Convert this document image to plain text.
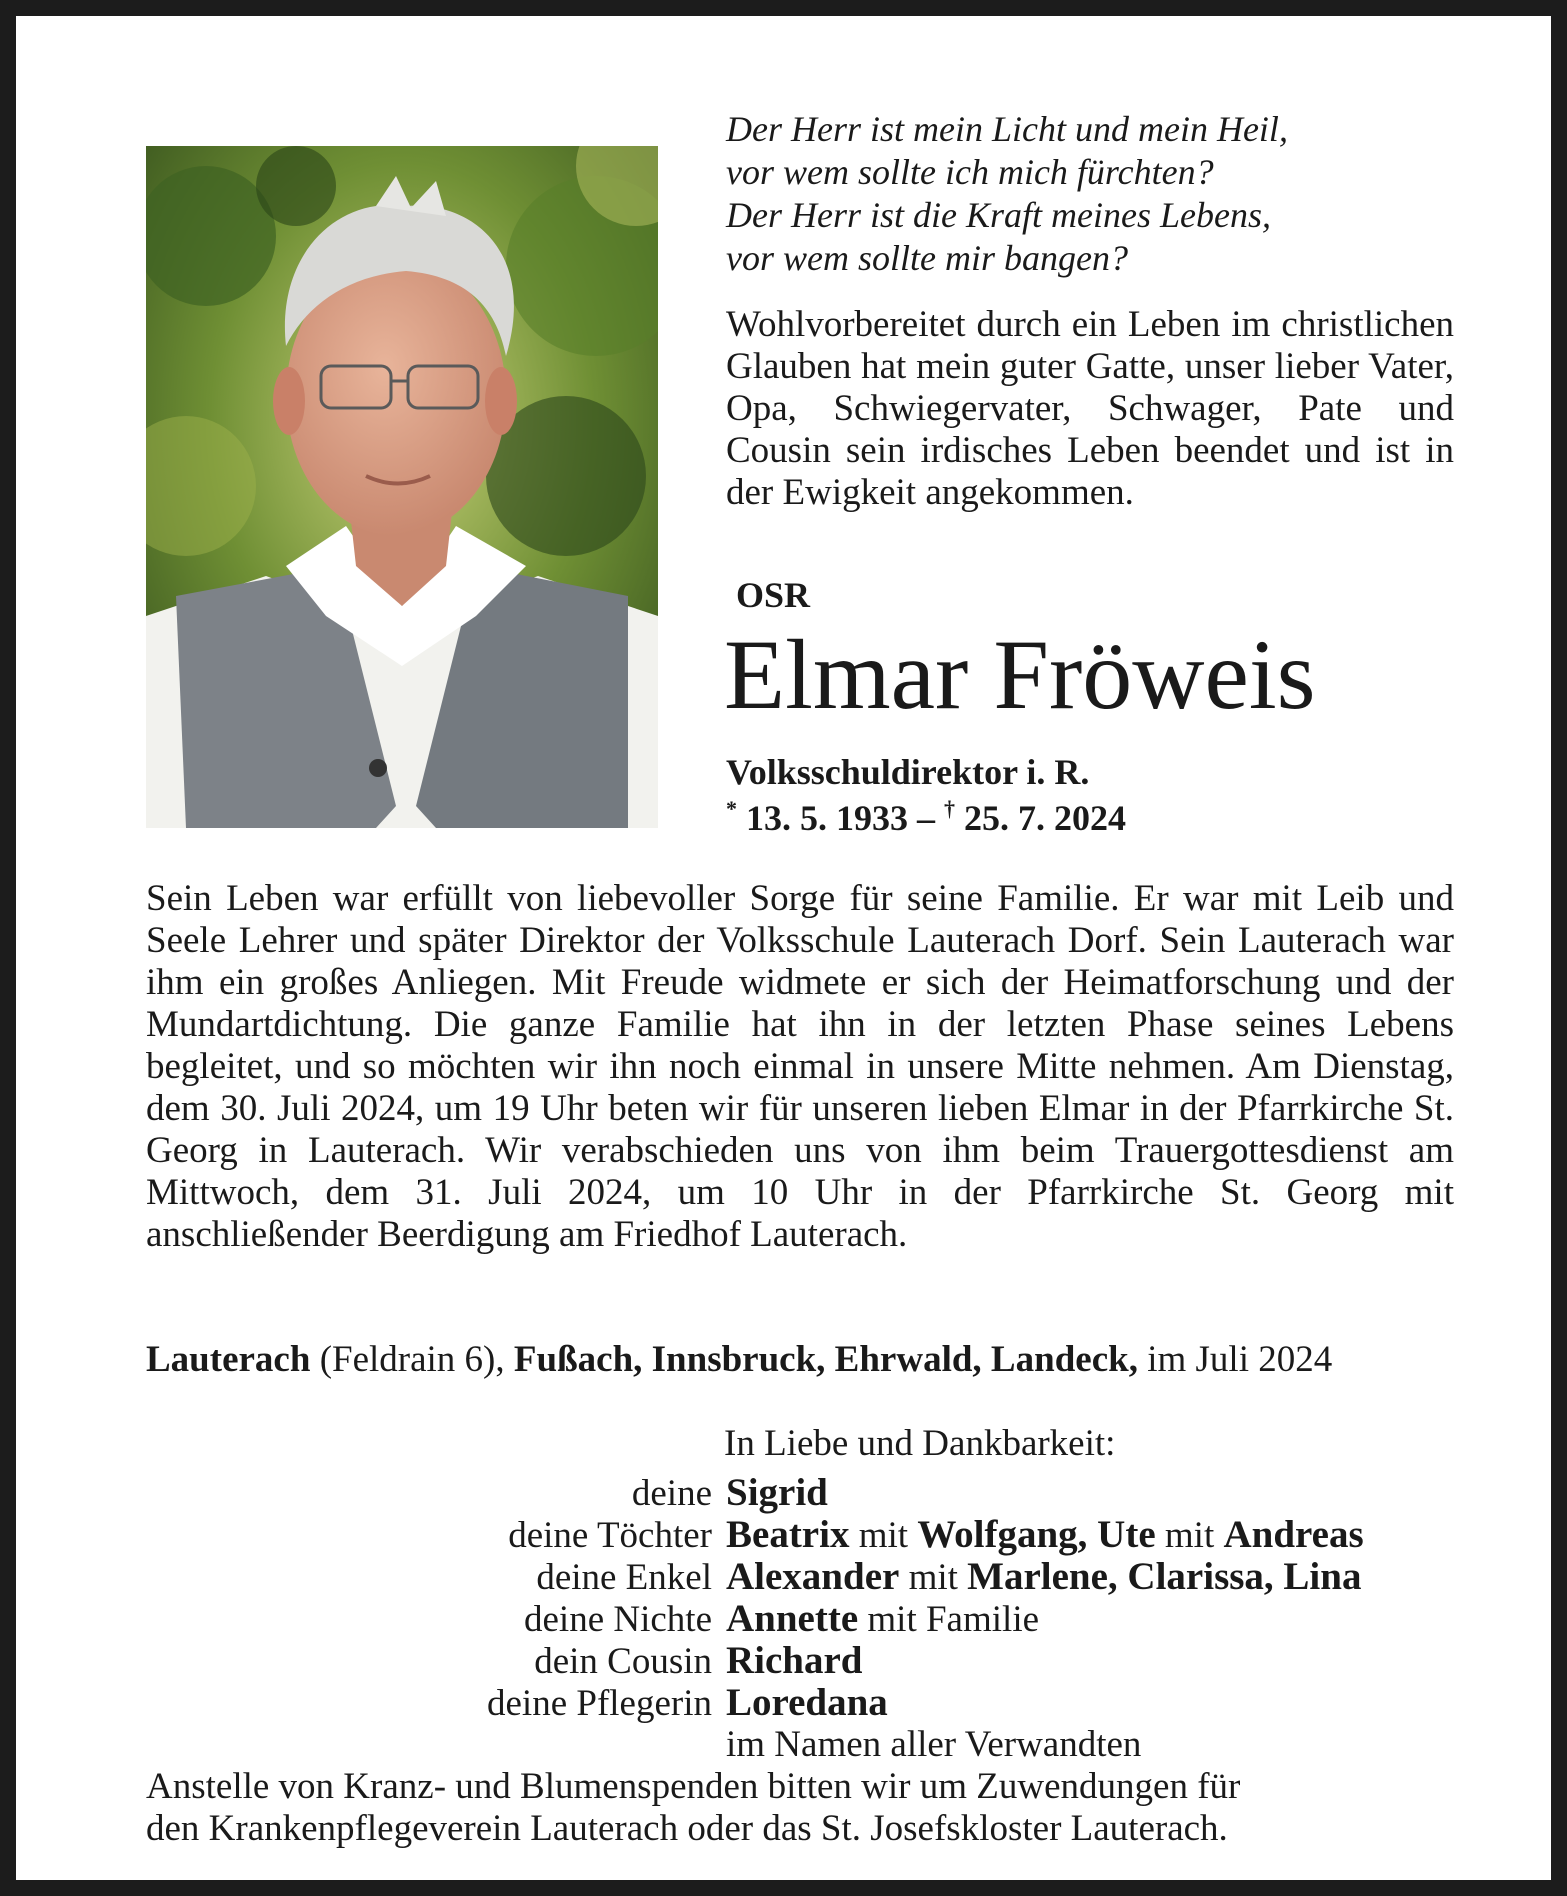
Der Herr ist mein Licht und mein Heil,
vor wem sollte ich mich fürchten?
Der Herr ist die Kraft meines Lebens,
vor wem sollte mir bangen?
Wohlvorbereitet durch ein Leben im christlichen Glauben hat mein guter Gatte, unser lieber Vater, Opa, Schwiegervater, Schwager, Pate und Cousin sein irdisches Leben beendet und ist in der Ewigkeit angekommen.
OSR
Elmar Fröweis
Volksschuldirektor i. R.
* 13. 5. 1933 – † 25. 7. 2024
Sein Leben war erfüllt von liebevoller Sorge für seine Familie. Er war mit Leib und Seele Lehrer und später Direktor der Volksschule Lauterach Dorf. Sein Lauterach war ihm ein großes Anliegen. Mit Freude widmete er sich der Heimatforschung und der Mundartdichtung. Die ganze Familie hat ihn in der letzten Phase seines Lebens begleitet, und so möchten wir ihn noch einmal in unsere Mitte nehmen. Am Dienstag, dem 30. Juli 2024, um 19 Uhr beten wir für unseren lieben Elmar in der Pfarrkirche St. Georg in Lauterach. Wir verabschieden uns von ihm beim Trauergottesdienst am Mittwoch, dem 31. Juli 2024, um 10 Uhr in der Pfarrkirche St. Georg mit anschließender Beerdigung am Friedhof Lauterach.
Lauterach (Feldrain 6), Fußach, Innsbruck, Ehrwald, Landeck, im Juli 2024
In Liebe und Dankbarkeit:
deine Sigrid
deine Töchter Beatrix mit Wolfgang, Ute mit Andreas
deine Enkel Alexander mit Marlene, Clarissa, Lina
deine Nichte Annette mit Familie
dein Cousin Richard
deine Pflegerin Loredana
im Namen aller Verwandten
Anstelle von Kranz- und Blumenspenden bitten wir um Zuwendungen für
den Krankenpflegeverein Lauterach oder das St. Josefskloster Lauterach.
